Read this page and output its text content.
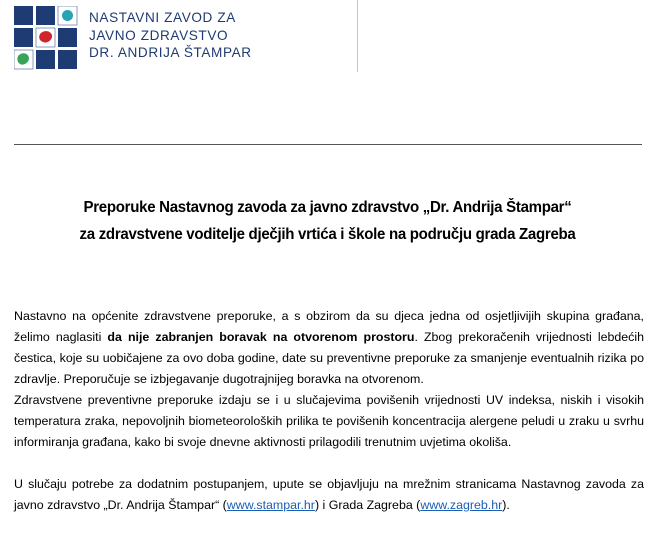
NASTAVNI ZAVOD ZA
JAVNO ZDRAVSTVO
DR. ANDRIJA ŠTAMPAR
Preporuke Nastavnog zavoda za javno zdravstvo „Dr. Andrija Štampar“
za zdravstvene voditelje dječjih vrtića i škole na području grada Zagreba

Nastavno na općenite zdravstvene preporuke, a s obzirom da su djeca jedna od osjetljivijih skupina građana, želimo naglasiti da nije zabranjen boravak na otvorenom prostoru. Zbog prekoračenih vrijednosti lebdećih čestica, koje su uobičajene za ovo doba godine, date su preventivne preporuke za smanjenje eventualnih rizika po zdravlje. Preporučuje se izbjegavanje dugotrajnijeg boravka na otvorenom.

Zdravstvene preventivne preporuke izdaju se i u slučajevima povišenih vrijednosti UV indeksa, niskih i visokih temperatura zraka, nepovoljnih biometeoroloških prilika te povišenih koncentracija alergene peludi u zraku u svrhu informiranja građana, kako bi svoje dnevne aktivnosti prilagodili trenutnim uvjetima okoliša.

U slučaju potrebe za dodatnim postupanjem, upute se objavljuju na mrežnim stranicama Nastavnog zavoda za javno zdravstvo „Dr. Andrija Štampar“ (www.stampar.hr) i Grada Zagreba (www.zagreb.hr).
